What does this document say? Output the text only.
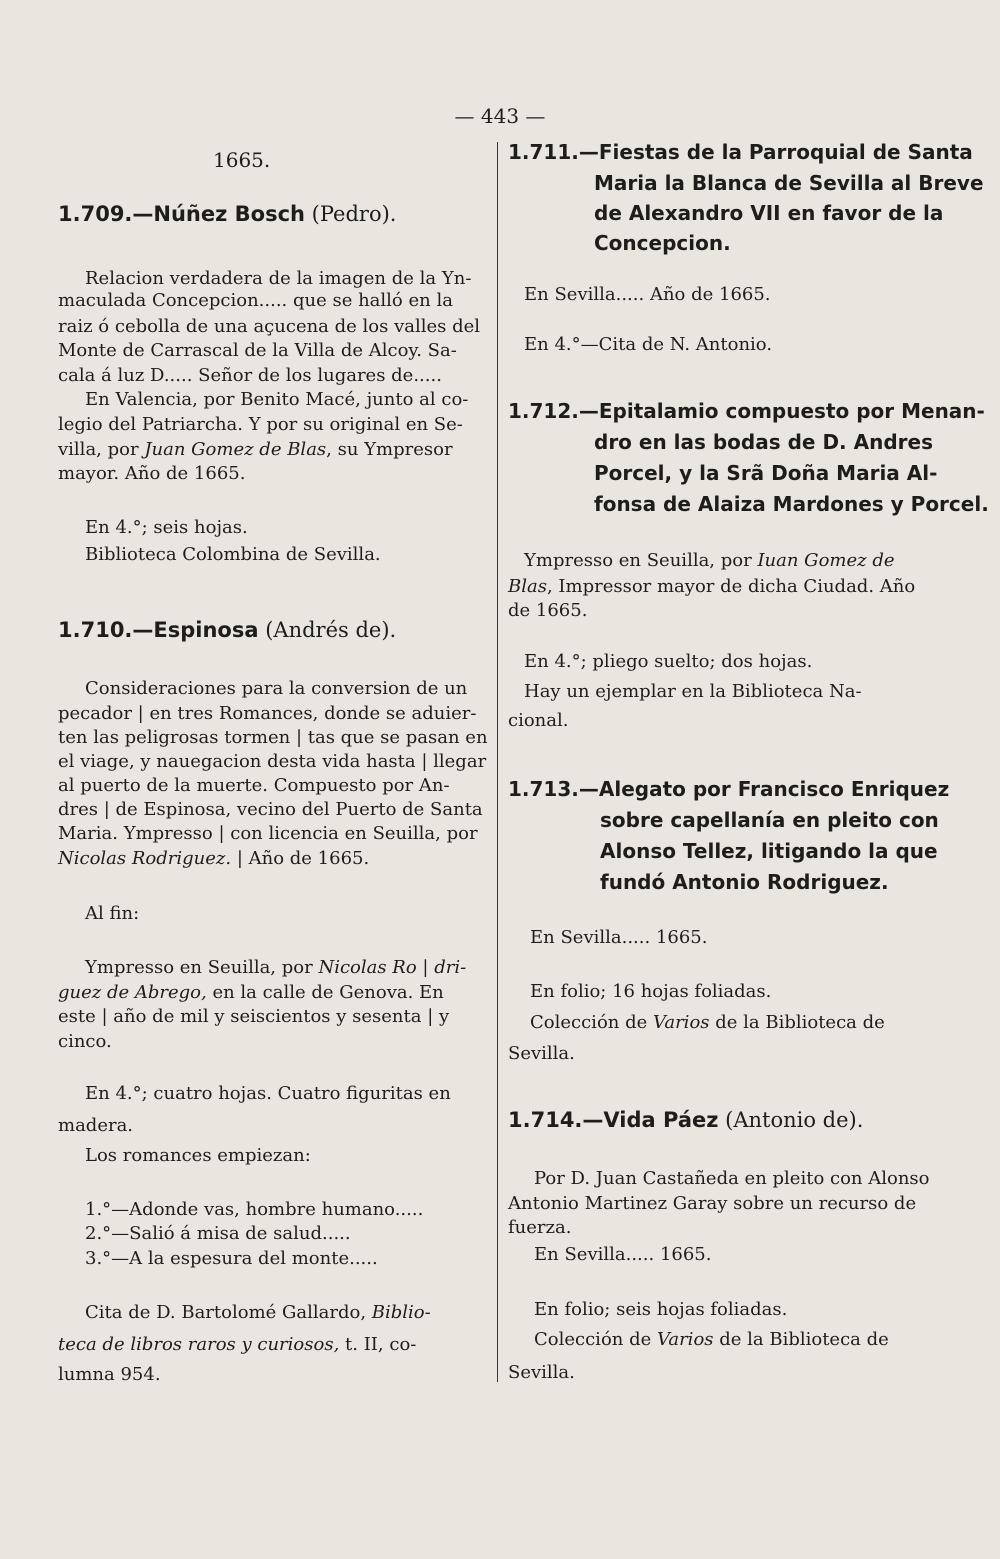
— 443 —
1665.
1.709.—Núñez Bosch (Pedro).
Relacion verdadera de la imagen de la Yn-
maculada Concepcion..... que se halló en la
raiz ó cebolla de una açucena de los valles del
Monte de Carrascal de la Villa de Alcoy. Sa-
cala á luz D..... Señor de los lugares de.....
En Valencia, por Benito Macé, junto al co-
legio del Patriarcha. Y por su original en Se-
villa, por Juan Gomez de Blas, su Ympresor
mayor. Año de 1665.
En 4.°; seis hojas.
Biblioteca Colombina de Sevilla.
1.710.—Espinosa (Andrés de).
Consideraciones para la conversion de un
pecador | en tres Romances, donde se aduier-
ten las peligrosas tormen | tas que se pasan en
el viage, y nauegacion desta vida hasta | llegar
al puerto de la muerte. Compuesto por An-
dres | de Espinosa, vecino del Puerto de Santa
Maria. Ympresso | con licencia en Seuilla, por
Nicolas Rodriguez. | Año de 1665.
Al fin:
Ympresso en Seuilla, por Nicolas Ro | dri-
guez de Abrego, en la calle de Genova. En
este | año de mil y seiscientos y sesenta | y
cinco.
En 4.°; cuatro hojas. Cuatro figuritas en
madera.
Los romances empiezan:
1.°—Adonde vas, hombre humano.....
2.°—Salió á misa de salud.....
3.°—A la espesura del monte.....
Cita de D. Bartolomé Gallardo, Biblio-
teca de libros raros y curiosos, t. II, co-
lumna 954.
1.711.—Fiestas de la Parroquial de Santa
Maria la Blanca de Sevilla al Breve
de Alexandro VII en favor de la
Concepcion.
En Sevilla..... Año de 1665.
En 4.°—Cita de N. Antonio.
1.712.—Epitalamio compuesto por Menan-
dro en las bodas de D. Andres
Porcel, y la Srã Doña Maria Al-
fonsa de Alaiza Mardones y Porcel.
Ympresso en Seuilla, por Iuan Gomez de
Blas, Impressor mayor de dicha Ciudad. Año
de 1665.
En 4.°; pliego suelto; dos hojas.
Hay un ejemplar en la Biblioteca Na-
cional.
1.713.—Alegato por Francisco Enriquez
sobre capellanía en pleito con
Alonso Tellez, litigando la que
fundó Antonio Rodriguez.
En Sevilla..... 1665.
En folio; 16 hojas foliadas.
Colección de Varios de la Biblioteca de
Sevilla.
1.714.—Vida Páez (Antonio de).
Por D. Juan Castañeda en pleito con Alonso
Antonio Martinez Garay sobre un recurso de
fuerza.
En Sevilla..... 1665.
En folio; seis hojas foliadas.
Colección de Varios de la Biblioteca de
Sevilla.
